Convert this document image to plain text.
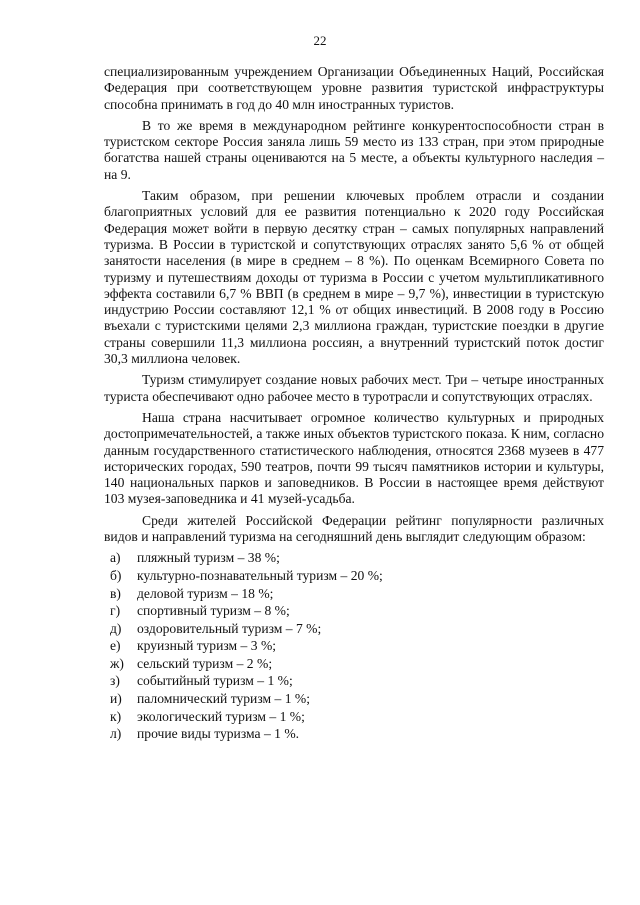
22

специализированным учреждением Организации Объединенных Наций, Российская Федерация при соответствующем уровне развития туристской инфраструктуры способна принимать в год до 40 млн иностранных туристов.

В то же время в международном рейтинге конкурентоспособности стран в туристском секторе Россия заняла лишь 59 место из 133 стран, при этом природные богатства нашей страны оцениваются на 5 месте, а объекты культурного наследия – на 9.

Таким образом, при решении ключевых проблем отрасли и создании благоприятных условий для ее развития потенциально к 2020 году Российская Федерация может войти в первую десятку стран – самых популярных направлений туризма. В России в туристской и сопутствующих отраслях занято 5,6 % от общей занятости населения (в мире в среднем – 8 %). По оценкам Всемирного Совета по туризму и путешествиям доходы от туризма в России с учетом мультипликативного эффекта составили 6,7 % ВВП (в среднем в мире – 9,7 %), инвестиции в туристскую индустрию России составляют 12,1 % от общих инвестиций. В 2008 году в Россию въехали с туристскими целями 2,3 миллиона граждан, туристские поездки в другие страны совершили 11,3 миллиона россиян, а внутренний туристский поток достиг 30,3 миллиона человек.

Туризм стимулирует создание новых рабочих мест. Три – четыре иностранных туриста обеспечивают одно рабочее место в туротрасли и сопутствующих отраслях.

Наша страна насчитывает огромное количество культурных и природных достопримечательностей, а также иных объектов туристского показа. К ним, согласно данным государственного статистического наблюдения, относятся 2368 музеев в 477 исторических городах, 590 театров, почти 99 тысяч памятников истории и культуры, 140 национальных парков и заповедников. В России в настоящее время действуют 103 музея-заповедника и 41 музей-усадьба.

Среди жителей Российской Федерации рейтинг популярности различных видов и направлений туризма на сегодняшний день выглядит следующим образом:

а)	пляжный туризм – 38 %;
б)	культурно-познавательный туризм – 20 %;
в)	деловой туризм – 18 %;
г)	спортивный туризм – 8 %;
д)	оздоровительный туризм – 7 %;
е)	круизный туризм – 3 %;
ж) сельский туризм – 2 %;
з)	событийный туризм – 1 %;
и)	паломнический туризм – 1 %;
к)	экологический туризм – 1 %;
л)	прочие виды туризма – 1 %.
